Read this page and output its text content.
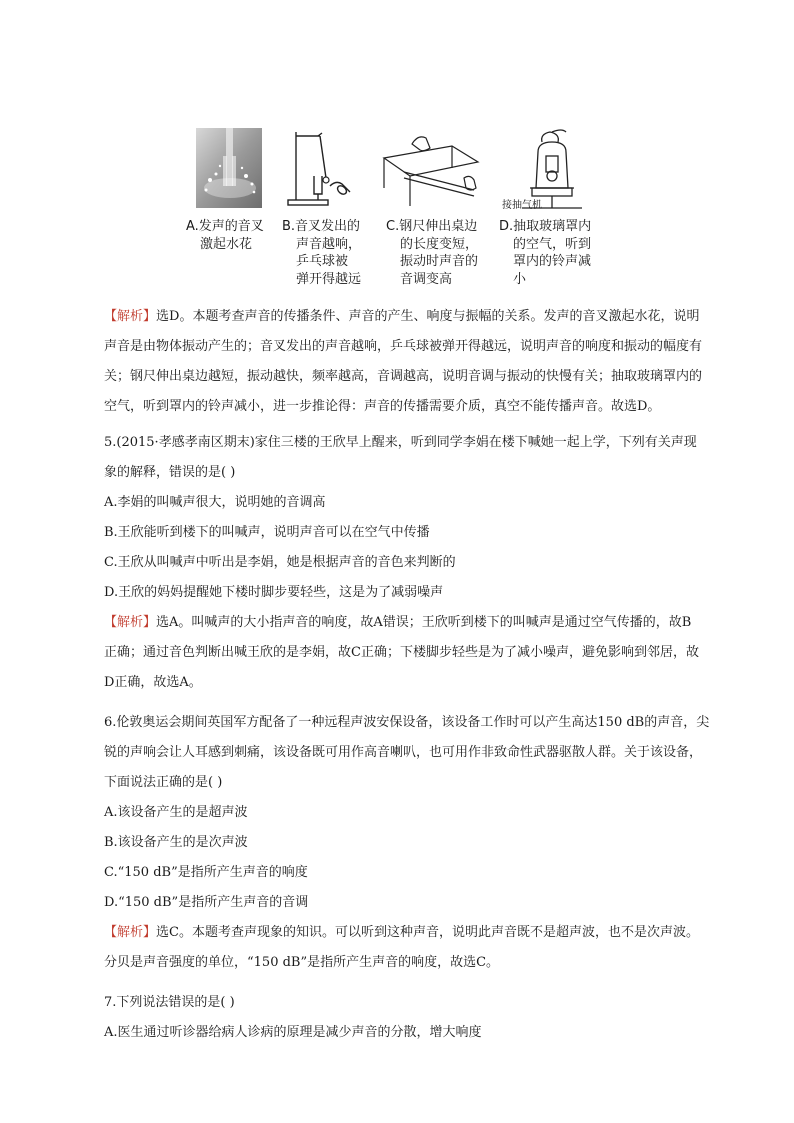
接抽气机
A.发声的音叉
激起水花
B.音叉发出的
声音越响，
乒乓球被
弹开得越远
C.钢尺伸出桌边
的长度变短，
振动时声音的
音调变高
D.抽取玻璃罩内
的空气，听到
罩内的铃声减
小
【解析】选D。本题考查声音的传播条件、声音的产生、响度与振幅的关系。发声的音叉激起水花，说明
声音是由物体振动产生的；音叉发出的声音越响，乒乓球被弹开得越远，说明声音的响度和振动的幅度有
关；钢尺伸出桌边越短，振动越快，频率越高，音调越高，说明音调与振动的快慢有关；抽取玻璃罩内的
空气，听到罩内的铃声减小，进一步推论得：声音的传播需要介质，真空不能传播声音。故选D。
5.(2015·孝感孝南区期末)家住三楼的王欣早上醒来，听到同学李娟在楼下喊她一起上学，下列有关声现
象的解释，错误的是( )
A.李娟的叫喊声很大，说明她的音调高
B.王欣能听到楼下的叫喊声，说明声音可以在空气中传播
C.王欣从叫喊声中听出是李娟，她是根据声音的音色来判断的
D.王欣的妈妈提醒她下楼时脚步要轻些，这是为了减弱噪声
【解析】选A。叫喊声的大小指声音的响度，故A错误；王欣听到楼下的叫喊声是通过空气传播的，故B
正确；通过音色判断出喊王欣的是李娟，故C正确；下楼脚步轻些是为了减小噪声，避免影响到邻居，故
D正确，故选A。
6.伦敦奥运会期间英国军方配备了一种远程声波安保设备，该设备工作时可以产生高达150 dB的声音，尖
锐的声响会让人耳感到刺痛，该设备既可用作高音喇叭，也可用作非致命性武器驱散人群。关于该设备，
下面说法正确的是( )
A.该设备产生的是超声波
B.该设备产生的是次声波
C.“150 dB”是指所产生声音的响度
D.“150 dB”是指所产生声音的音调
【解析】选C。本题考查声现象的知识。可以听到这种声音，说明此声音既不是超声波，也不是次声波。
分贝是声音强度的单位，“150 dB”是指所产生声音的响度，故选C。
7.下列说法错误的是( )
A.医生通过听诊器给病人诊病的原理是减少声音的分散，增大响度
